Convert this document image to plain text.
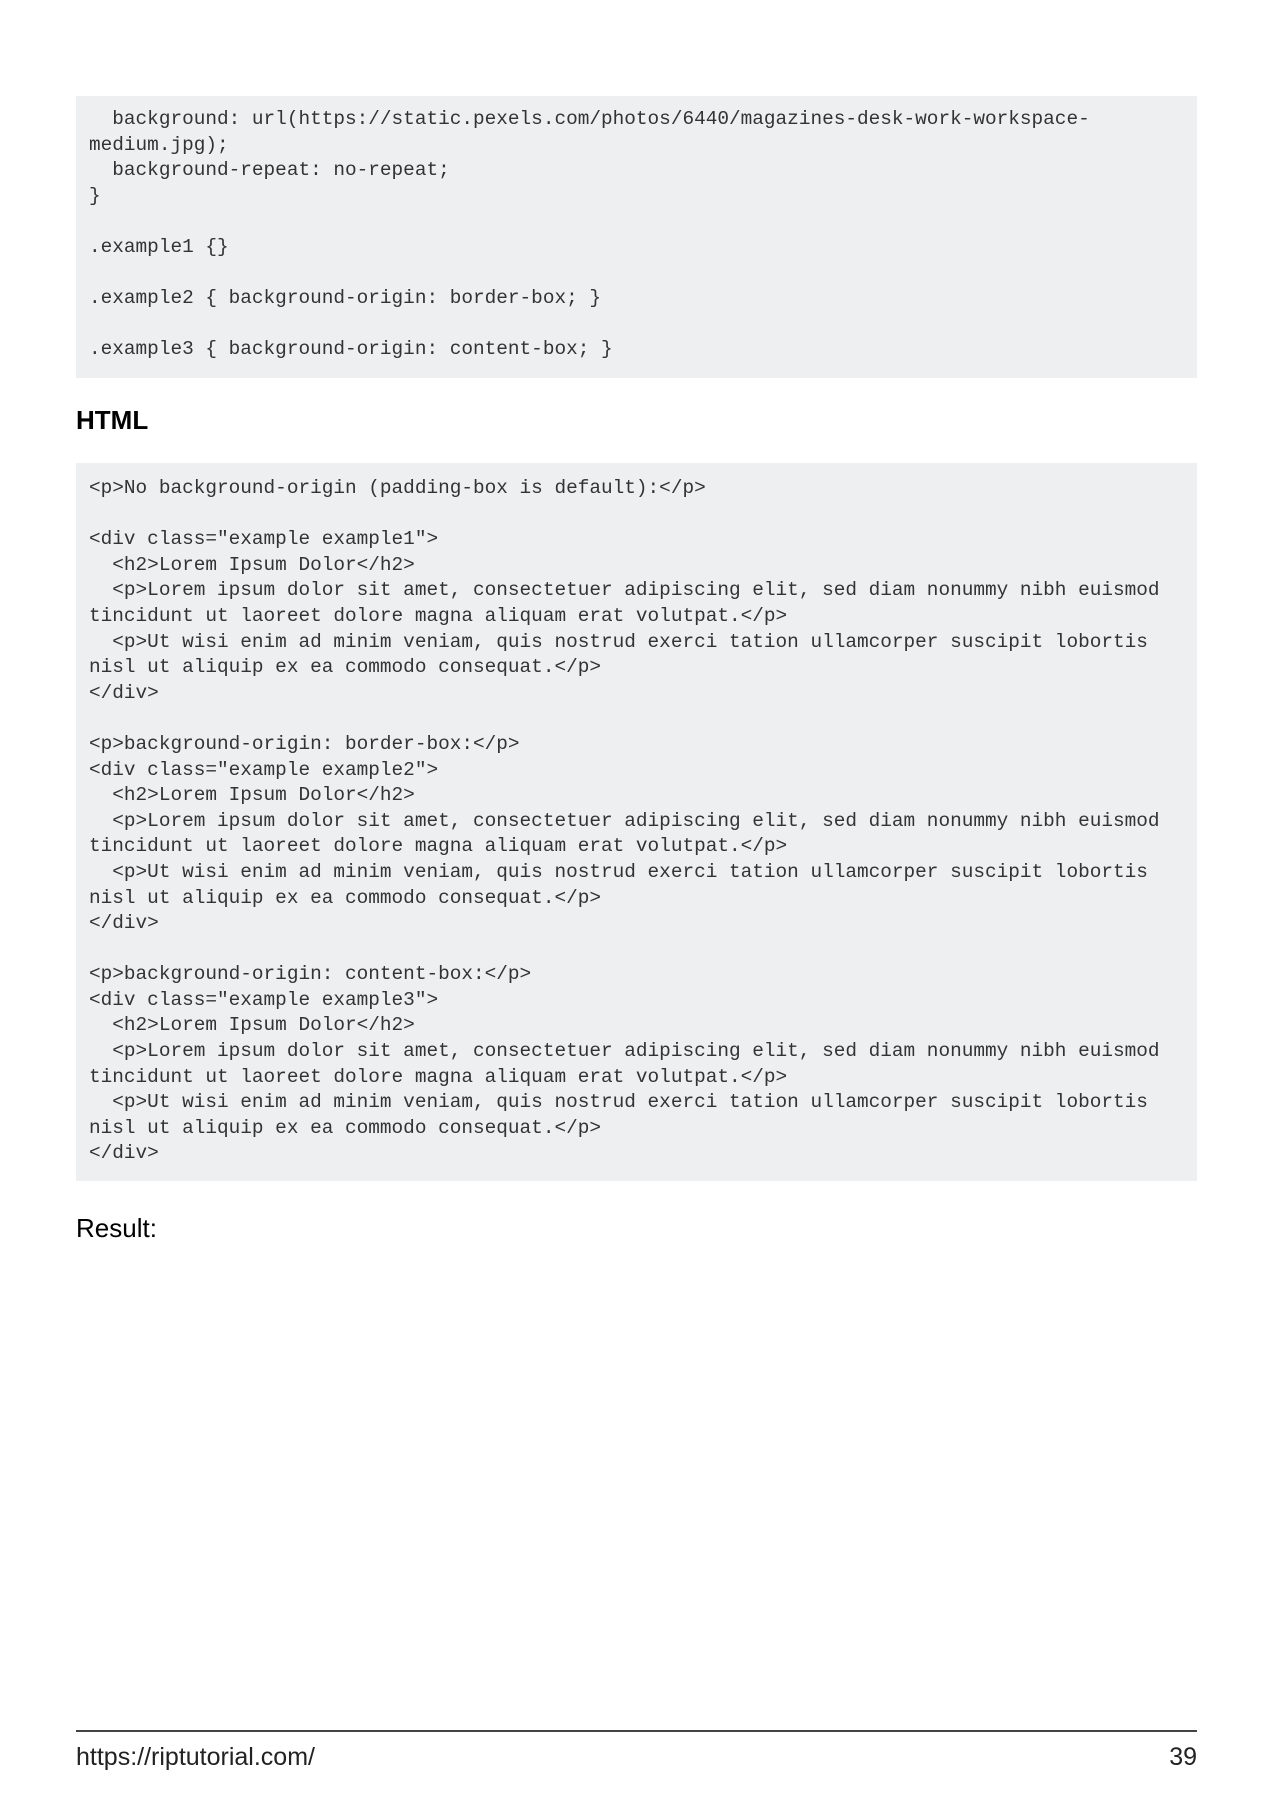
background: url(https://static.pexels.com/photos/6440/magazines-desk-work-workspace-
medium.jpg);
background-repeat: no-repeat;
}
.example1 {}
.example2 { background-origin: border-box; }
.example3 { background-origin: content-box; }
HTML
<p>No background-origin (padding-box is default):</p>
<div class="example example1">
<h2>Lorem Ipsum Dolor</h2>
<p>Lorem ipsum dolor sit amet, consectetuer adipiscing elit, sed diam nonummy nibh euismod
tincidunt ut laoreet dolore magna aliquam erat volutpat.</p>
<p>Ut wisi enim ad minim veniam, quis nostrud exerci tation ullamcorper suscipit lobortis
nisl ut aliquip ex ea commodo consequat.</p>
</div>
<p>background-origin: border-box:</p>
<div class="example example2">
<h2>Lorem Ipsum Dolor</h2>
<p>Lorem ipsum dolor sit amet, consectetuer adipiscing elit, sed diam nonummy nibh euismod
tincidunt ut laoreet dolore magna aliquam erat volutpat.</p>
<p>Ut wisi enim ad minim veniam, quis nostrud exerci tation ullamcorper suscipit lobortis
nisl ut aliquip ex ea commodo consequat.</p>
</div>
<p>background-origin: content-box:</p>
<div class="example example3">
<h2>Lorem Ipsum Dolor</h2>
<p>Lorem ipsum dolor sit amet, consectetuer adipiscing elit, sed diam nonummy nibh euismod
tincidunt ut laoreet dolore magna aliquam erat volutpat.</p>
<p>Ut wisi enim ad minim veniam, quis nostrud exerci tation ullamcorper suscipit lobortis
nisl ut aliquip ex ea commodo consequat.</p>
</div>

Result:

https://riptutorial.com/	39
